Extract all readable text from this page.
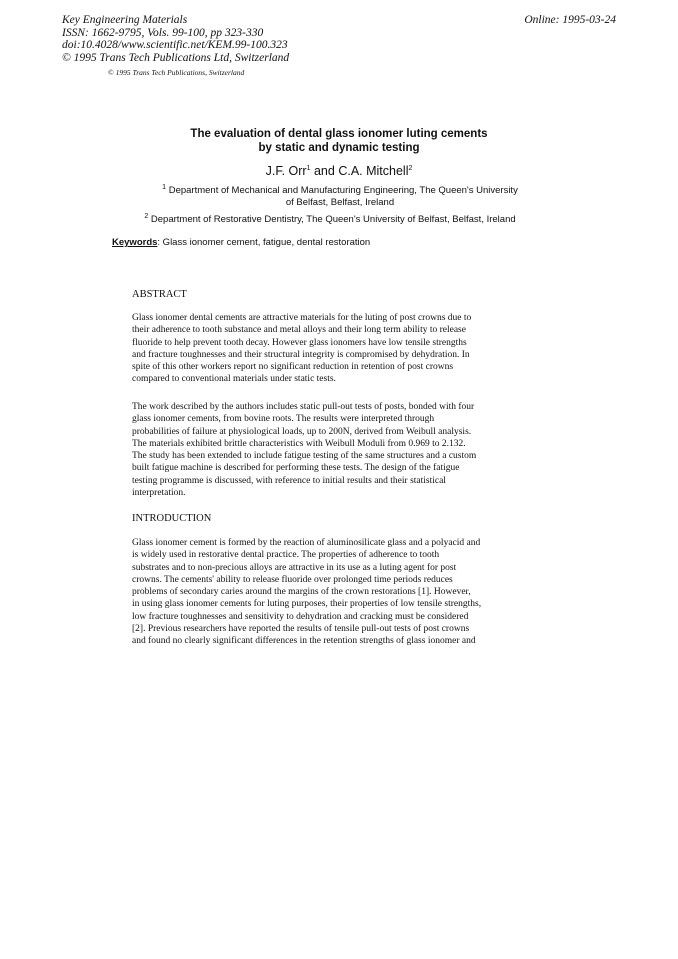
Key Engineering Materials
ISSN: 1662-9795, Vols. 99-100, pp 323-330
doi:10.4028/www.scientific.net/KEM.99-100.323
© 1995 Trans Tech Publications Ltd, Switzerland
Online: 1995-03-24
© 1995 Trans Tech Publications, Switzerland
The evaluation of dental glass ionomer luting cements
by static and dynamic testing
J.F. Orr$^1$ and C.A. Mitchell$^2$
$^1$ Department of Mechanical and Manufacturing Engineering, The Queen's University
of Belfast, Belfast, Ireland
$^2$ Department of Restorative Dentistry, The Queen's University of Belfast, Belfast, Ireland
Keywords: Glass ionomer cement, fatigue, dental restoration
ABSTRACT
Glass ionomer dental cements are attractive materials for the luting of post crowns due to
their adherence to tooth substance and metal alloys and their long term ability to release
fluoride to help prevent tooth decay. However glass ionomers have low tensile strengths
and fracture toughnesses and their structural integrity is compromised by dehydration. In
spite of this other workers report no significant reduction in retention of post crowns
compared to conventional materials under static tests.
The work described by the authors includes static pull-out tests of posts, bonded with four
glass ionomer cements, from bovine roots. The results were interpreted through
probabilities of failure at physiological loads, up to 200N, derived from Weibull analysis.
The materials exhibited brittle characteristics with Weibull Moduli from 0.969 to 2.132.
The study has been extended to include fatigue testing of the same structures and a custom
built fatigue machine is described for performing these tests. The design of the fatigue
testing programme is discussed, with reference to initial results and their statistical
interpretation.
INTRODUCTION
Glass ionomer cement is formed by the reaction of aluminosilicate glass and a polyacid and
is widely used in restorative dental practice. The properties of adherence to tooth
substrates and to non-precious alloys are attractive in its use as a luting agent for post
crowns. The cements' ability to release fluoride over prolonged time periods reduces
problems of secondary caries around the margins of the crown restorations [1]. However,
in using glass ionomer cements for luting purposes, their properties of low tensile strengths,
low fracture toughnesses and sensitivity to dehydration and cracking must be considered
[2]. Previous researchers have reported the results of tensile pull-out tests of post crowns
and found no clearly significant differences in the retention strengths of glass ionomer and
